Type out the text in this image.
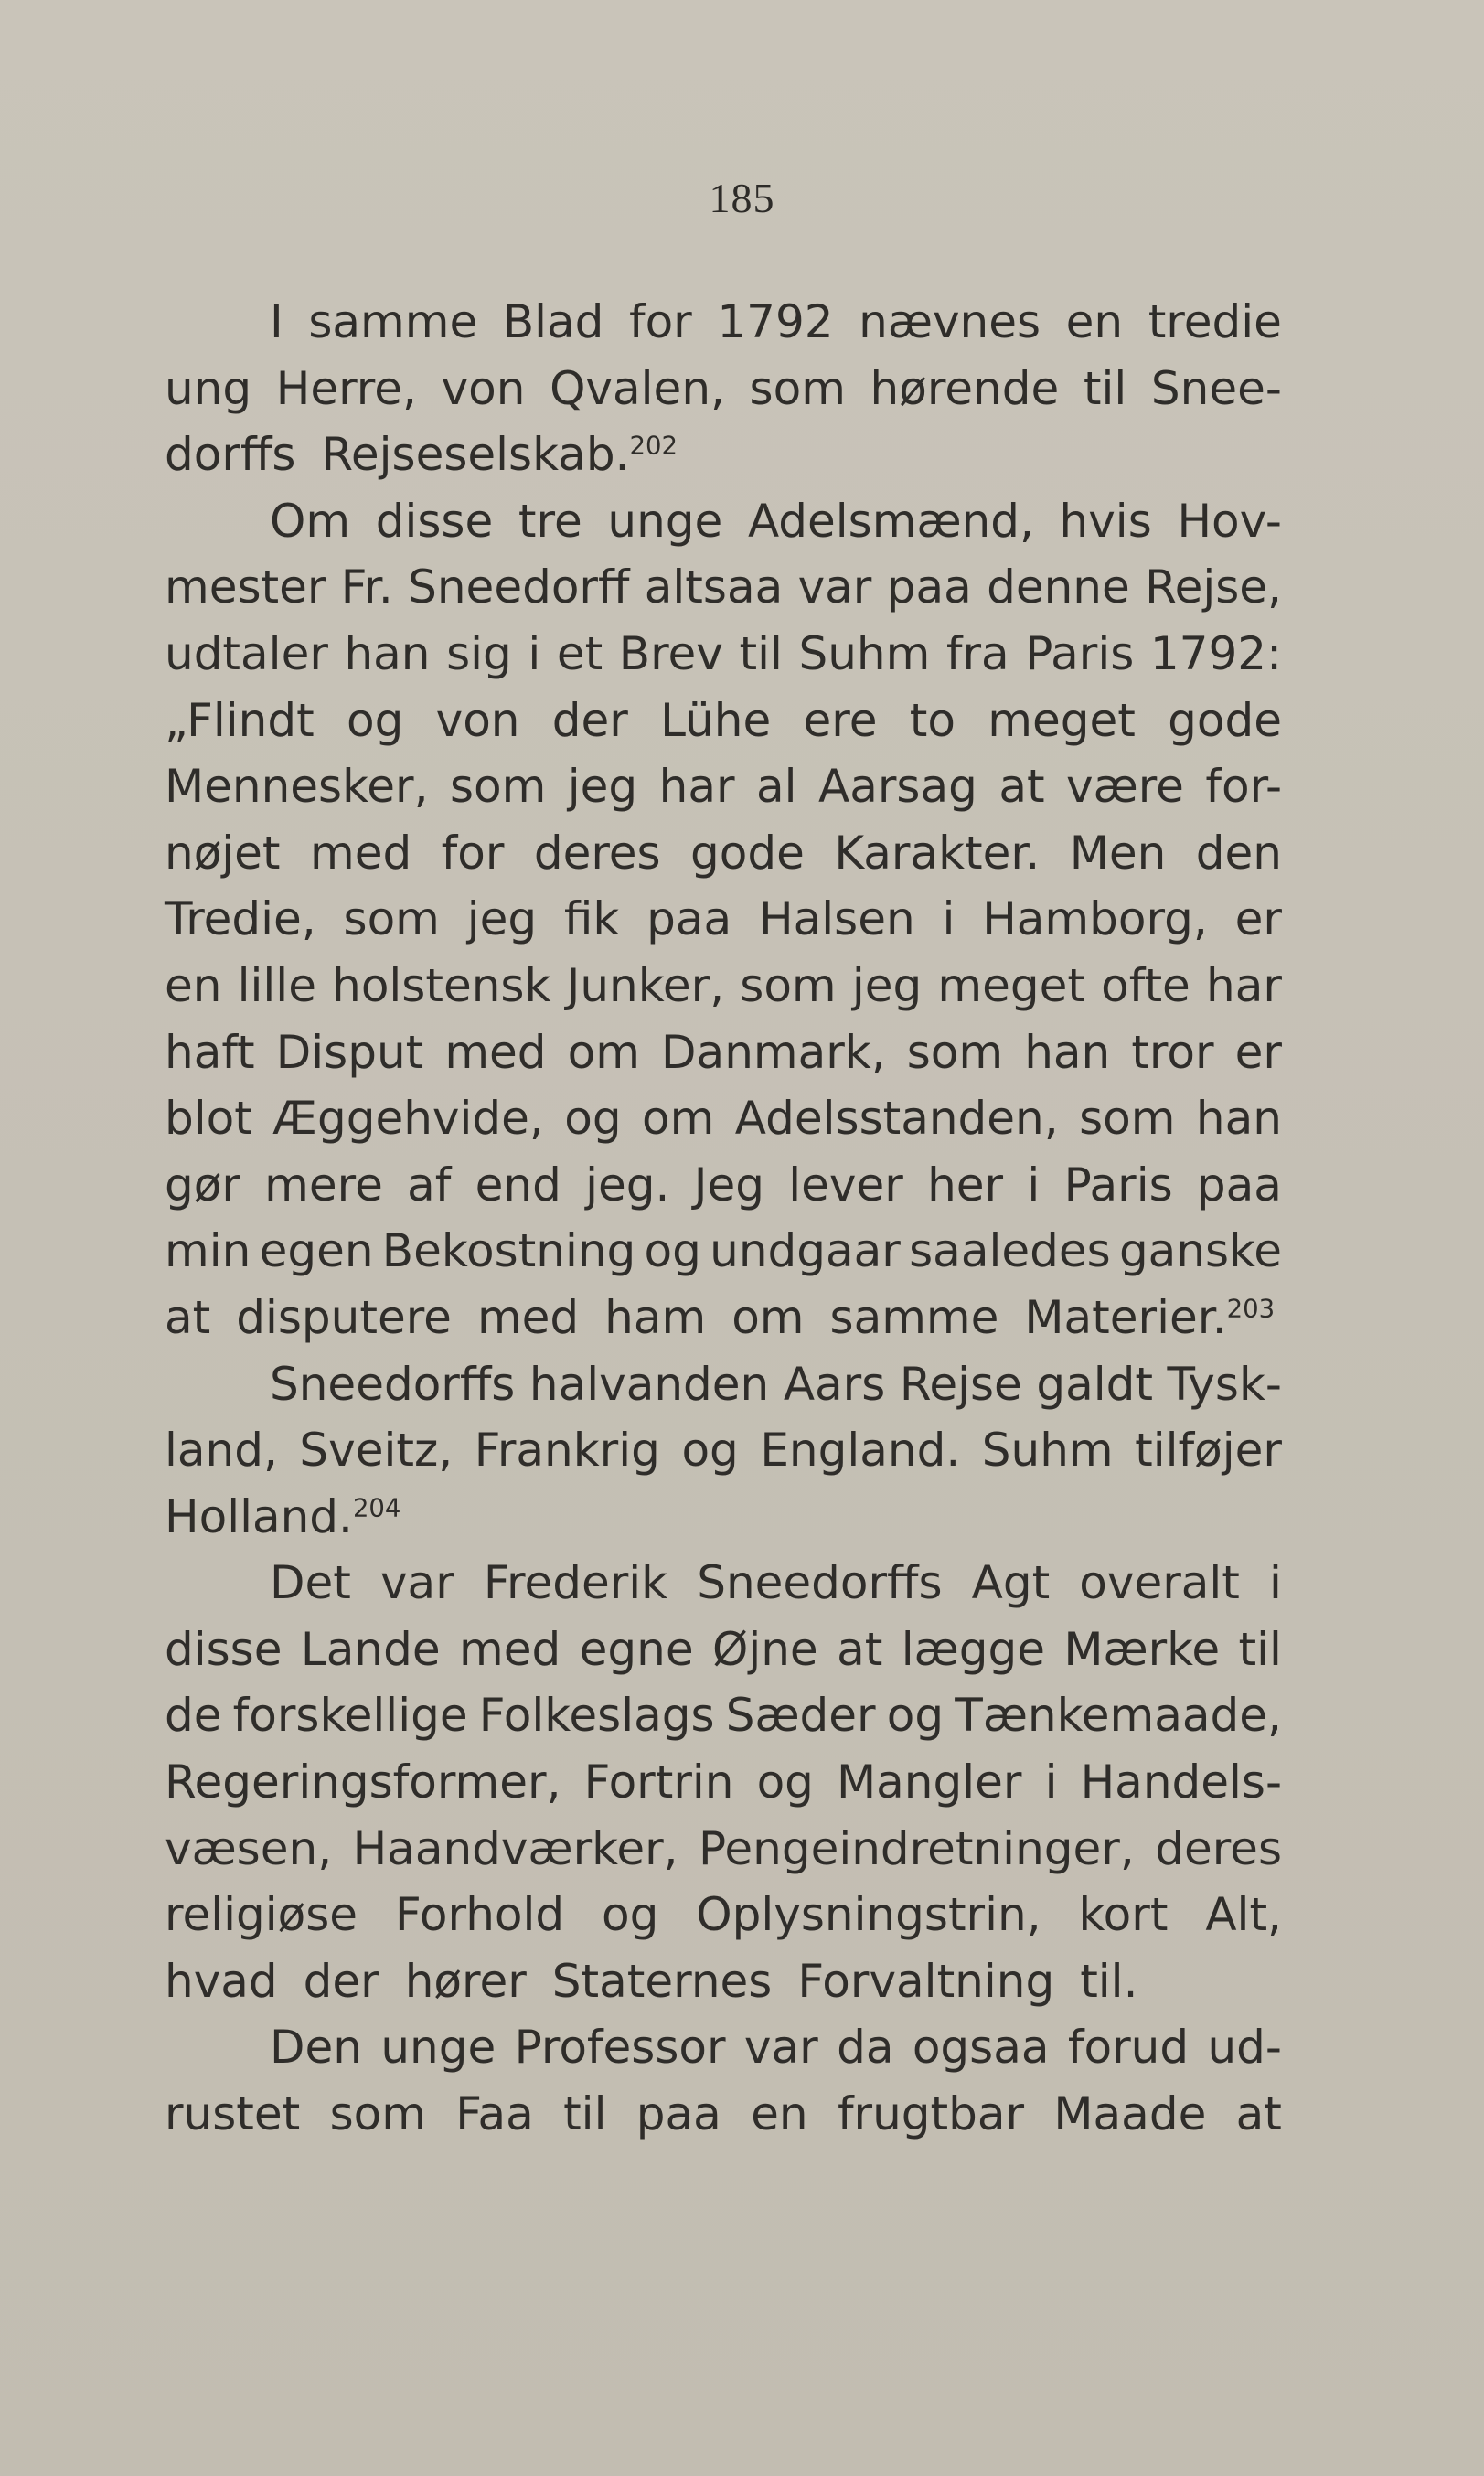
185
I samme Blad for 1792 nævnes en tredie
ung Herre, von Qvalen, som hørende til Snee-
dorffs Rejseselskab.$^{202}$
Om disse tre unge Adelsmænd, hvis Hov-
mester Fr. Sneedorff altsaa var paa denne Rejse,
udtaler han sig i et Brev til Suhm fra Paris 1792:
„Flindt og von der Lühe ere to meget gode
Mennesker, som jeg har al Aarsag at være for-
nøjet med for deres gode Karakter. Men den
Tredie, som jeg fik paa Halsen i Hamborg, er
en lille holstensk Junker, som jeg meget ofte har
haft Disput med om Danmark, som han tror er
blot Æggehvide, og om Adelsstanden, som han
gør mere af end jeg. Jeg lever her i Paris paa
min egen Bekostning og undgaar saaledes ganske
at disputere med ham om samme Materier.$^{203}$
Sneedorffs halvanden Aars Rejse galdt Tysk-
land, Sveitz, Frankrig og England. Suhm tilføjer
Holland.$^{204}$
Det var Frederik Sneedorffs Agt overalt i
disse Lande med egne Øjne at lægge Mærke til
de forskellige Folkeslags Sæder og Tænkemaade,
Regeringsformer, Fortrin og Mangler i Handels-
væsen, Haandværker, Pengeindretninger, deres
religiøse Forhold og Oplysningstrin, kort Alt,
hvad der hører Staternes Forvaltning til.
Den unge Professor var da ogsaa forud ud-
rustet som Faa til paa en frugtbar Maade at
